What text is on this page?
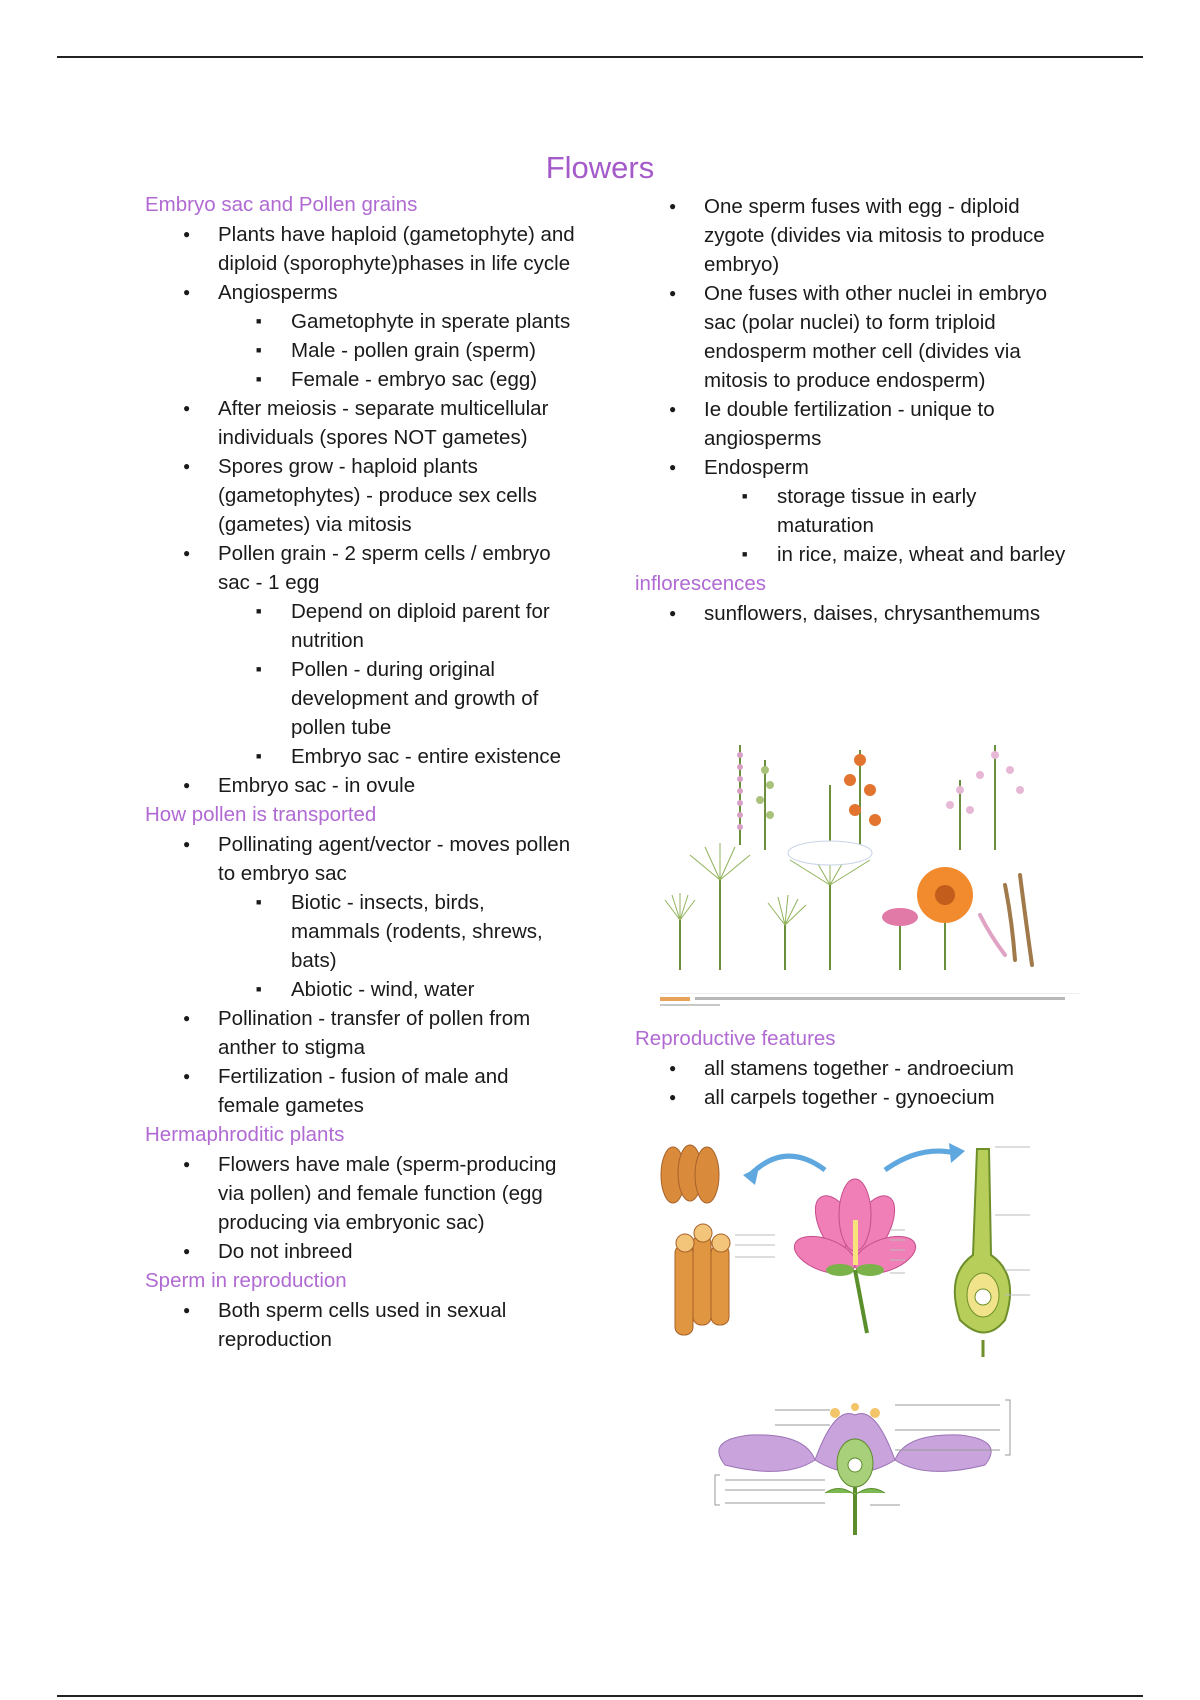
Flowers
Embryo sac and Pollen grains
● Plants have haploid (gametophyte) and diploid (sporophyte)phases in life cycle
● Angiosperms
■ Gametophyte in sperate plants
■ Male - pollen grain (sperm)
■ Female - embryo sac (egg)
● After meiosis - separate multicellular individuals (spores NOT gametes)
● Spores grow - haploid plants (gametophytes) - produce sex cells (gametes) via mitosis
● Pollen grain - 2 sperm cells / embryo sac - 1 egg
■ Depend on diploid parent for nutrition
■ Pollen - during original development and growth of pollen tube
■ Embryo sac - entire existence
● Embryo sac - in ovule
How pollen is transported
● Pollinating agent/vector - moves pollen to embryo sac
■ Biotic - insects, birds, mammals (rodents, shrews, bats)
■ Abiotic - wind, water
● Pollination - transfer of pollen from anther to stigma
● Fertilization - fusion of male and female gametes
Hermaphroditic plants
● Flowers have male (sperm-producing via pollen) and female function (egg producing via embryonic sac)
● Do not inbreed
Sperm in reproduction
● Both sperm cells used in sexual reproduction
● One sperm fuses with egg - diploid zygote (divides via mitosis to produce embryo)
● One fuses with other nuclei in embryo sac (polar nuclei) to form triploid endosperm mother cell (divides via mitosis to produce endosperm)
● Ie double fertilization - unique to angiosperms
● Endosperm
■ storage tissue in early maturation
■ in rice, maize, wheat and barley
inflorescences
● sunflowers, daises, chrysanthemums
Reproductive features
● all stamens together - androecium
● all carpels together - gynoecium
